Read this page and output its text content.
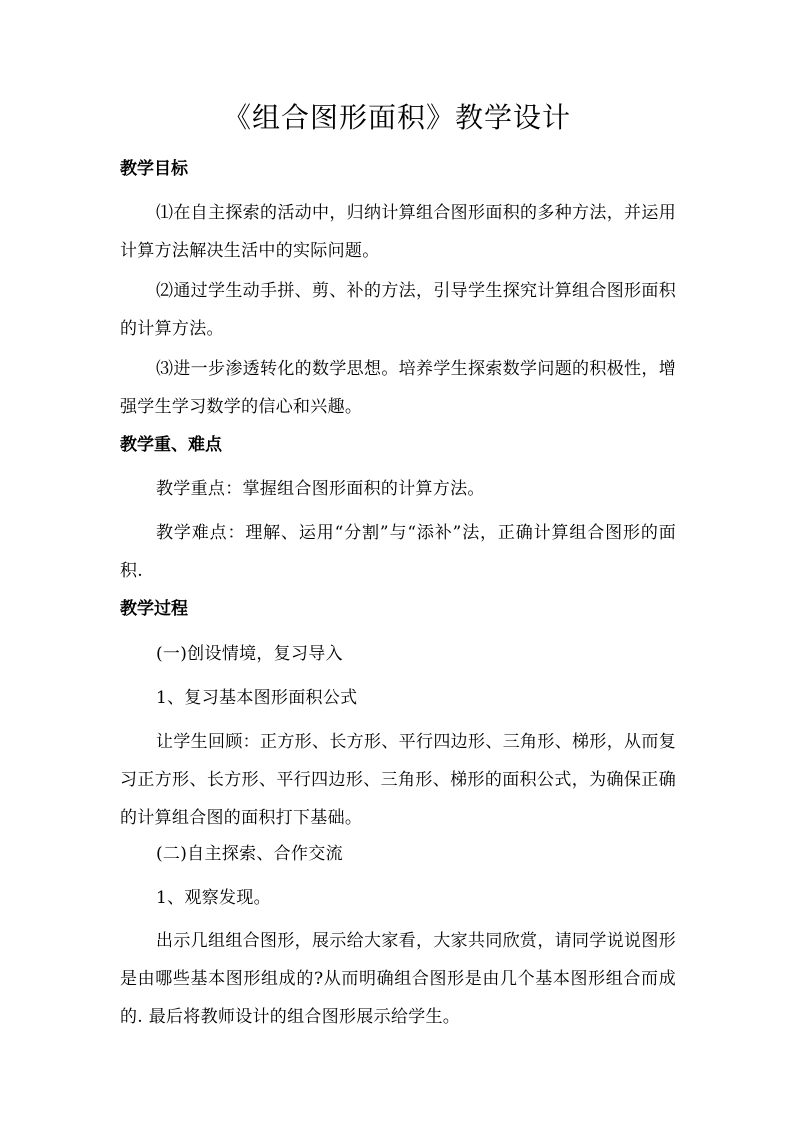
《组合图形面积》教学设计
教学目标
⑴在自主探索的活动中，归纳计算组合图形面积的多种方法，并运用计算方法解决生活中的实际问题。
⑵通过学生动手拼、剪、补的方法，引导学生探究计算组合图形面积的计算方法。
⑶进一步渗透转化的数学思想。培养学生探索数学问题的积极性，增强学生学习数学的信心和兴趣。
教学重、难点
教学重点：掌握组合图形面积的计算方法。
教学难点：理解、运用“分割”与“添补”法，正确计算组合图形的面积.
教学过程
(一)创设情境，复习导入
1、复习基本图形面积公式
让学生回顾：正方形、长方形、平行四边形、三角形、梯形，从而复习正方形、长方形、平行四边形、三角形、梯形的面积公式，为确保正确的计算组合图的面积打下基础。
(二)自主探索、合作交流
1、观察发现。
出示几组组合图形，展示给大家看，大家共同欣赏，请同学说说图形是由哪些基本图形组成的?从而明确组合图形是由几个基本图形组合而成的. 最后将教师设计的组合图形展示给学生。
